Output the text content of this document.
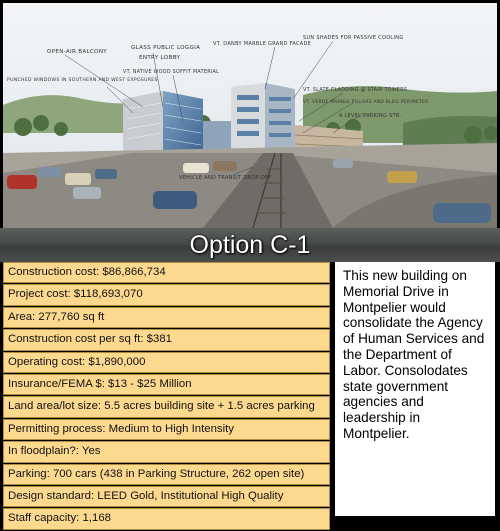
OPEN-AIR BALCONY
GLASS PUBLIC LOGGIA
ENTRY LOBBY
VT. DANBY MARBLE GRAND FACADE
SUN SHADES FOR PASSIVE COOLING
PUNCHED WINDOWS IN SOUTHERN AND WEST EXPOSURES
VT. NATIVE WOOD SOFFIT MATERIAL
VT. SLATE CLADDING @ STAIR TOWERS
VT. VERDE MARBLE PILLARS AND BLDG PERIMETER
4 LEVEL PARKING STR.
VEHICLE AND TRANSIT DROP-OFF
Option C-1
Construction cost: $86,866,734
Project cost: $118,693,070
Area: 277,760 sq ft
Construction cost per sq ft: $381
Operating cost: $1,890,000
Insurance/FEMA $: $13 - $25 Million
Land area/lot size: 5.5 acres building site + 1.5 acres parking
Permitting process: Medium to High Intensity
In floodplain?: Yes
Parking: 700 cars (438 in Parking Structure, 262 open site)
Design standard: LEED Gold, Institutional High Quality
Staff capacity: 1,168
This new building on Memorial Drive in Montpelier would consolidate the Agency of Human Services and the Department of Labor. Consolodates state government agencies and leadership in Montpelier.
